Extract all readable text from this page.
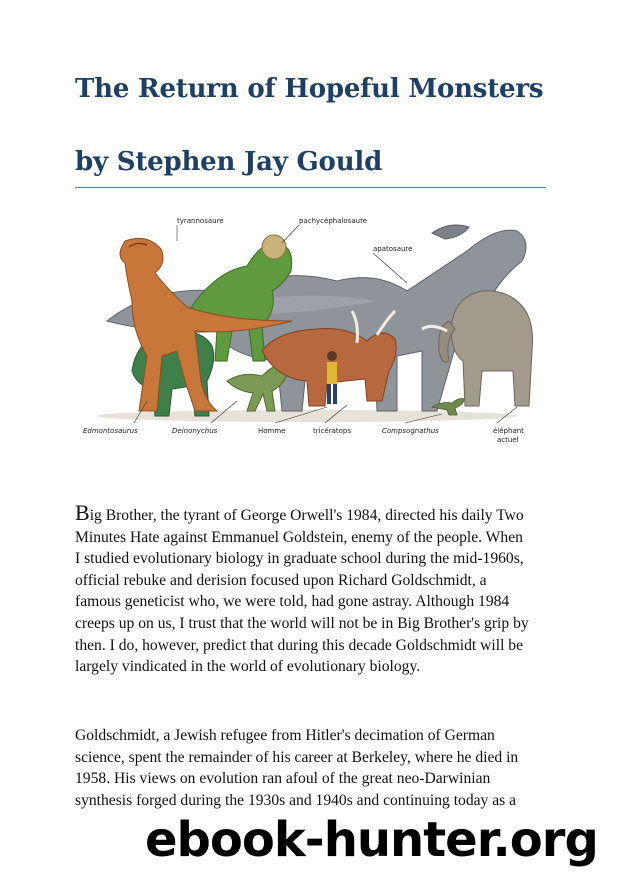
The Return of Hopeful Monsters
by Stephen Jay Gould
tyrannosaure	pachycéphalosaure
apatosaure
Edmontosaurus	Deinonychus	Homme	tricératops	Compsognathus	éléphant
actuel

Big Brother, the tyrant of George Orwell's 1984, directed his daily Two
Minutes Hate against Emmanuel Goldstein, enemy of the people. When
I studied evolutionary biology in graduate school during the mid-1960s,
official rebuke and derision focused upon Richard Goldschmidt, a
famous geneticist who, we were told, had gone astray. Although 1984
creeps up on us, I trust that the world will not be in Big Brother's grip by
then. I do, however, predict that during this decade Goldschmidt will be
largely vindicated in the world of evolutionary biology.

Goldschmidt, a Jewish refugee from Hitler's decimation of German
science, spent the remainder of his career at Berkeley, where he died in
1958. His views on evolution ran afoul of the great neo-Darwinian
synthesis forged during the 1930s and 1940s and continuing today as a

ebook-hunter.org
